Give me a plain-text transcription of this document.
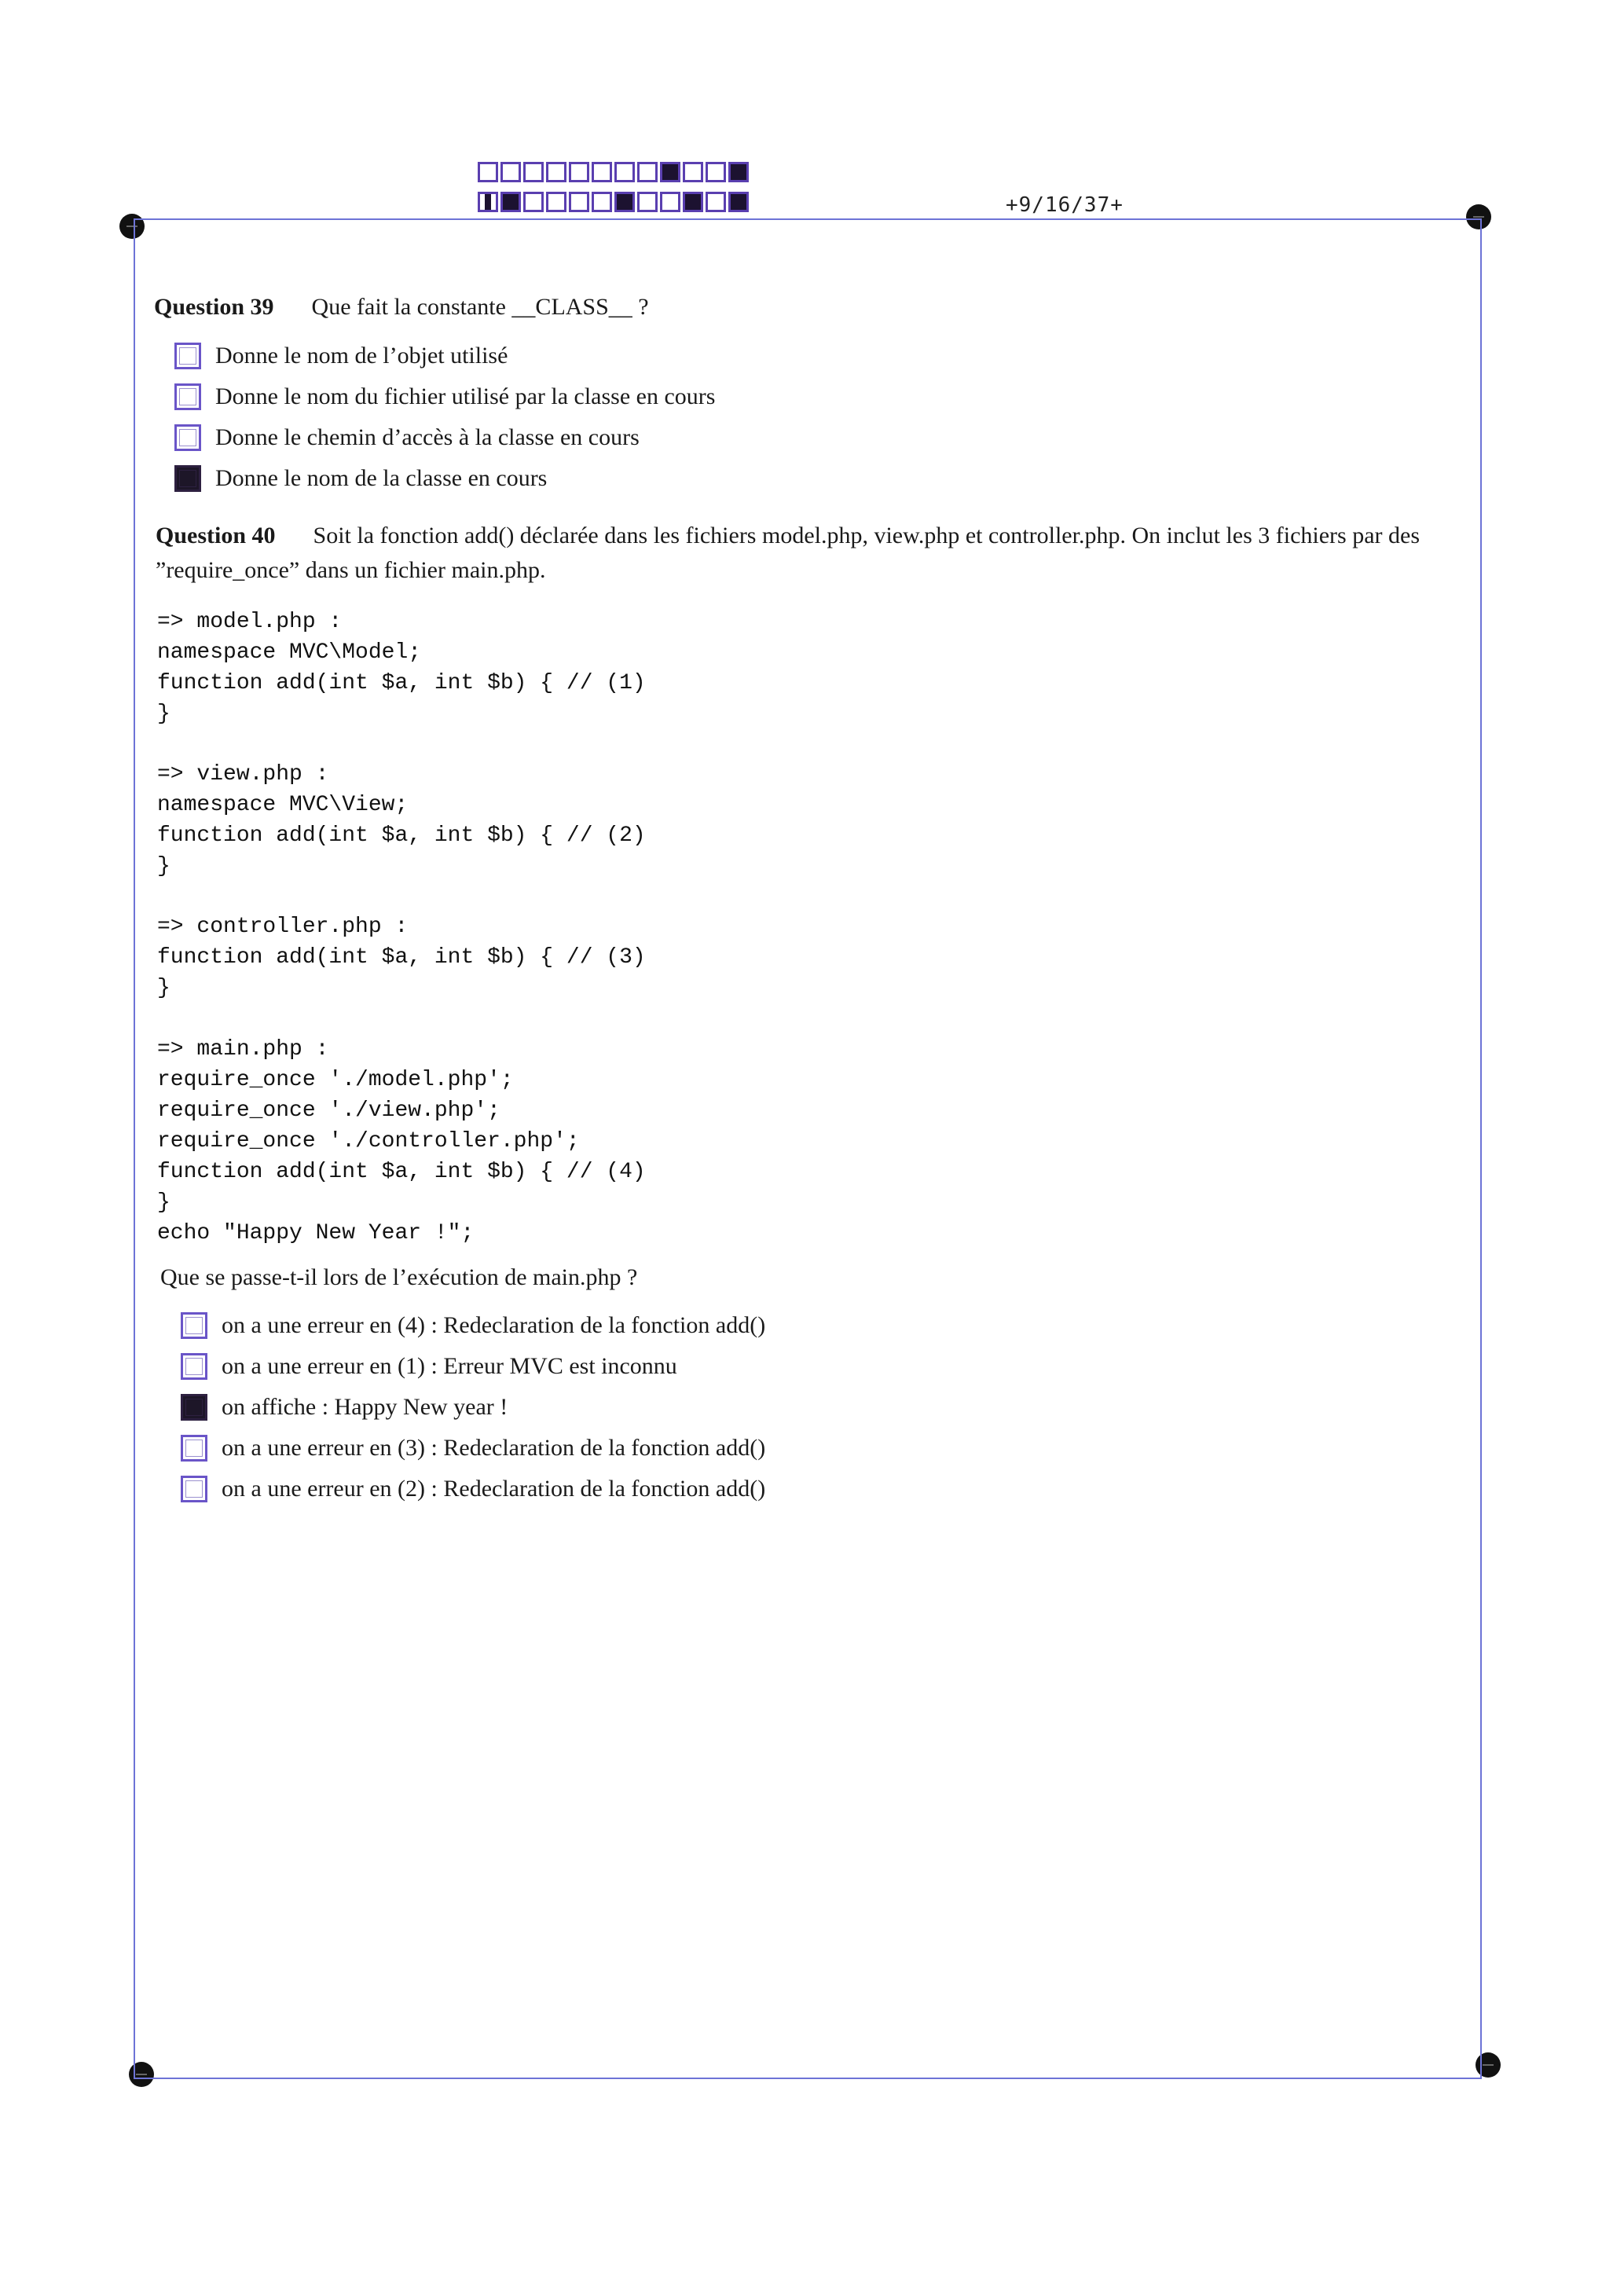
+9/16/37+
Question 39 Que fait la constante __CLASS__ ?
Donne le nom de l’objet utilisé
Donne le nom du fichier utilisé par la classe en cours
Donne le chemin d’accès à la classe en cours
Donne le nom de la classe en cours
Question 40 Soit la fonction add() déclarée dans les fichiers model.php, view.php et controller.php. On inclut les 3 fichiers par des ”require_once” dans un fichier main.php.
=> model.php :
namespace MVC\Model;
function add(int $a, int $b) { // (1)
}
=> view.php :
namespace MVC\View;
function add(int $a, int $b) { // (2)
}
=> controller.php :
function add(int $a, int $b) { // (3)
}
=> main.php :
require_once './model.php';
require_once './view.php';
require_once './controller.php';
function add(int $a, int $b) { // (4)
}
echo "Happy New Year !";
Que se passe-t-il lors de l’exécution de main.php ?
on a une erreur en (4) : Redeclaration de la fonction add()
on a une erreur en (1) : Erreur MVC est inconnu
on affiche : Happy New year !
on a une erreur en (3) : Redeclaration de la fonction add()
on a une erreur en (2) : Redeclaration de la fonction add()
